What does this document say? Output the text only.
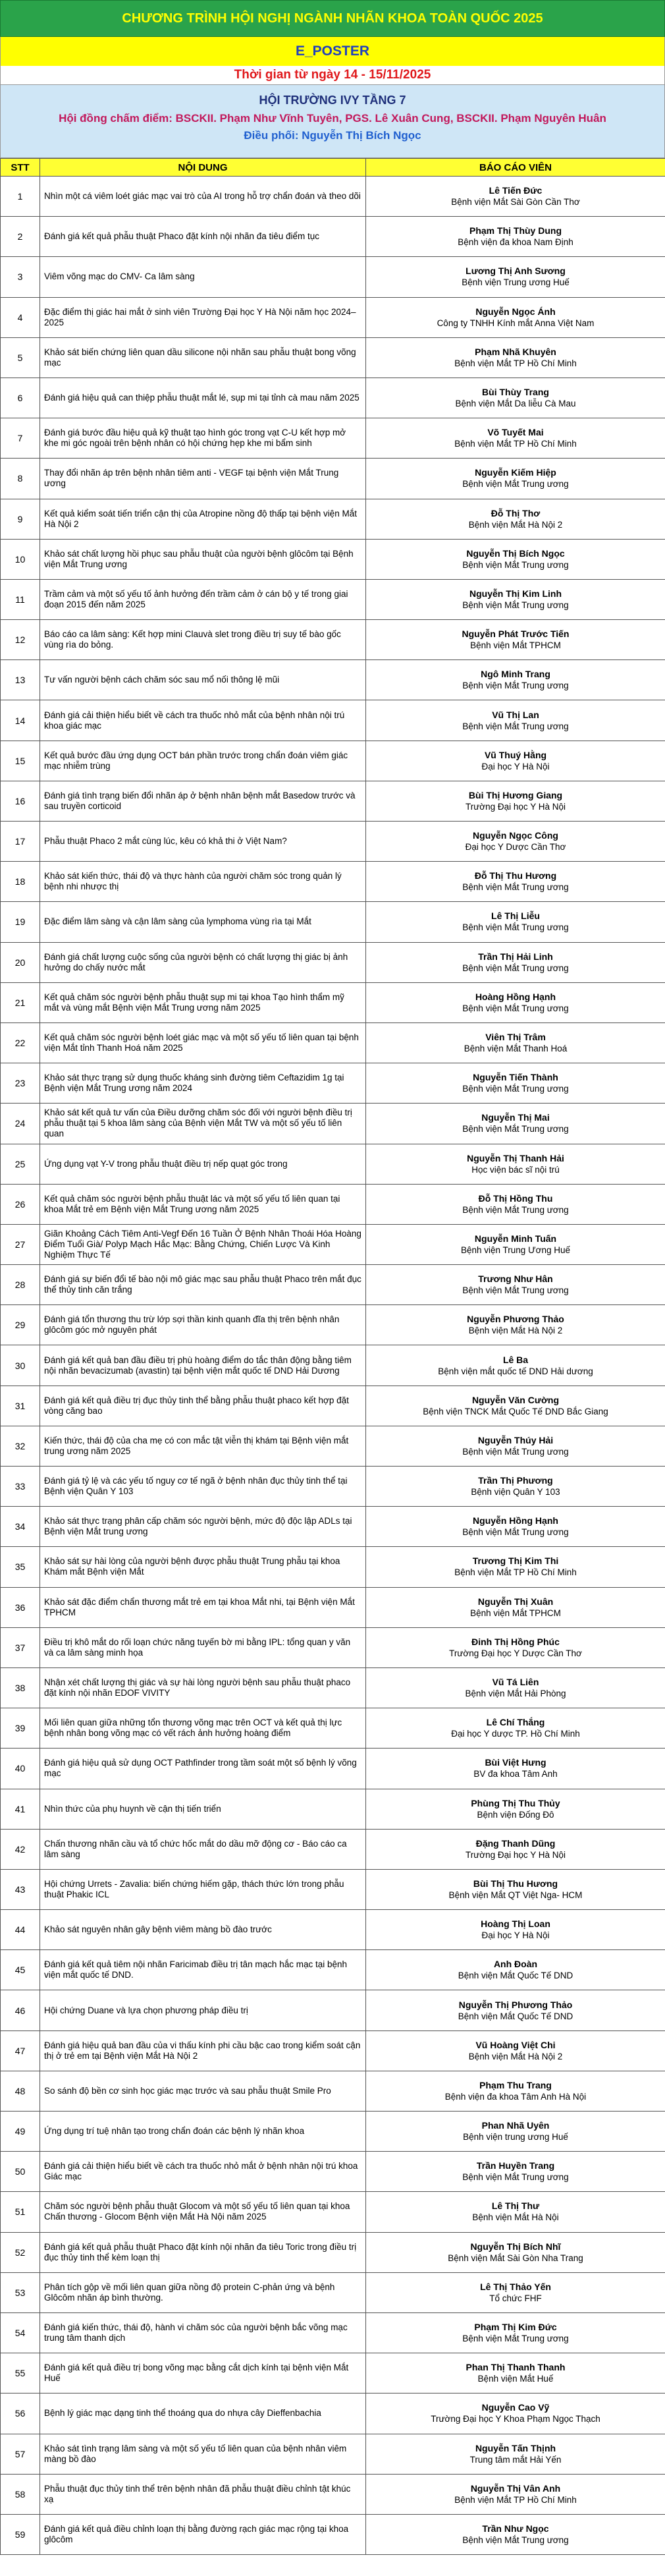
CHƯƠNG TRÌNH HỘI NGHỊ NGÀNH NHÃN KHOA TOÀN QUỐC 2025
E_POSTER
Thời gian từ ngày 14 - 15/11/2025
HỘI TRƯỜNG IVY TẦNG 7
Hội đồng chấm điểm: BSCKII. Phạm Như Vĩnh Tuyên, PGS. Lê Xuân Cung, BSCKII. Phạm Nguyên Huân
Điều phối: Nguyễn Thị Bích Ngọc
STT	NỘI DUNG	BÁO CÁO VIÊN
1	Nhìn một cá viêm loét giác mạc vai trò của AI trong hỗ trợ chẩn đoán và theo dõi	Lê Tiến Đức
Bệnh viện Mắt Sài Gòn Cần Thơ

2	Đánh giá kết quả phẫu thuật Phaco đặt kính nội nhãn đa tiêu điểm tục	Phạm Thị Thùy Dung
Bệnh viện đa khoa Nam Định

3	Viêm võng mạc do CMV- Ca lâm sàng	Lương Thị Anh Sương
Bệnh viện Trung ương Huế

4	Đặc điểm thị giác hai mắt ở sinh viên Trường Đại học Y Hà Nội năm học 2024–2025	Nguyễn Ngọc Ánh
Công ty TNHH Kính mắt Anna Việt Nam

5	Khảo sát biến chứng liên quan dầu silicone nội nhãn sau phẫu thuật bong võng mạc	Phạm Nhã Khuyên
Bệnh viện Mắt TP Hồ Chí Minh

6	Đánh giá hiệu quả can thiệp phẫu thuật mắt lé, sụp mi tại tỉnh cà mau năm 2025	Bùi Thùy Trang
Bệnh viện Mắt Da liễu Cà Mau

7	Đánh giá bước đầu hiệu quả kỹ thuật tạo hình góc trong vạt C-U kết hợp mở khe mi góc ngoài trên bệnh nhân có hội chứng hẹp khe mi bẩm sinh	Võ Tuyết Mai
Bệnh viện Mắt TP Hồ Chí Minh

8	Thay đổi nhãn áp trên bệnh nhân tiêm anti - VEGF tại bệnh viện Mắt Trung ương	Nguyễn Kiếm Hiệp
Bệnh viện Mắt Trung ương

9	Kết quả kiểm soát tiến triển cận thị của Atropine nồng độ thấp tại bệnh viện Mắt Hà Nội 2	Đỗ Thị Thơ
Bệnh viện Mắt Hà Nội 2

10	Khảo sát chất lượng hồi phục sau phẫu thuật của người bệnh glôcôm tại Bệnh viện Mắt Trung ương	Nguyễn Thị Bích Ngọc
Bệnh viện Mắt Trung ương

11	Trầm cảm và một số yếu tố ảnh hưởng đến trầm cảm ở cán bộ y tế trong giai đoạn 2015 đến năm 2025	Nguyễn Thị Kim Linh
Bệnh viện Mắt Trung ương

12	Báo cáo ca lâm sàng: Kết hợp mini Clauvà slet trong điều trị suy tế bào gốc vùng rìa do bỏng.	Nguyễn Phát Trước Tiến
Bệnh viện Mắt TPHCM

13	Tư vấn người bệnh cách chăm sóc sau mổ nối thông lệ mũi	Ngô Minh Trang
Bệnh viện Mắt Trung ương

14	Đánh giá cải thiện hiểu biết về cách tra thuốc nhỏ mắt của bệnh nhân nội trú khoa giác mạc	Vũ Thị Lan
Bệnh viện Mắt Trung ương

15	Kết quả bước đầu ứng dụng OCT bán phần trước trong chẩn đoán viêm giác mạc nhiễm trùng	Vũ Thuý Hằng
Đại học Y Hà Nội

16	Đánh giá tình trạng biến đổi nhãn áp ở bệnh nhân bệnh mắt Basedow trước và sau truyền corticoid	Bùi Thị Hương Giang
Trường Đại học Y Hà Nội

17	Phẫu thuật Phaco 2 mắt cùng lúc, kêu có khả thi ở Việt Nam?	Nguyễn Ngọc Công
Đại học Y Dược Cần Thơ

18	Khảo sát kiến thức, thái độ và thực hành của người chăm sóc trong quản lý bệnh nhi nhược thị	Đỗ Thị Thu Hương
Bệnh viện Mắt Trung ương

19	Đặc điểm lâm sàng và cận lâm sàng của lymphoma vùng rìa tại Mắt	Lê Thị Liễu
Bệnh viện Mắt Trung ương

20	Đánh giá chất lượng cuộc sống của người bệnh có chất lượng thị giác bị ảnh hưởng do chấy nước mắt	Trần Thị Hải Linh
Bệnh viện Mắt Trung ương

21	Kết quả chăm sóc người bệnh phẫu thuật sụp mi tại khoa Tạo hình thẩm mỹ mắt và vùng mắt Bệnh viện Mắt Trung ương năm 2025	Hoàng Hồng Hạnh
Bệnh viện Mắt Trung ương

22	Kết quả chăm sóc người bệnh loét giác mạc và một số yếu tố liên quan tại bệnh viện Mắt tỉnh Thanh Hoá năm 2025	Viên Thị Trâm
Bệnh viện Mắt Thanh Hoá

23	Khảo sát thực trạng sử dụng thuốc kháng sinh đường tiêm Ceftazidim 1g tại Bệnh viện Mắt Trung ương năm 2024	Nguyễn Tiến Thành
Bệnh viện Mắt Trung ương

24	Khảo sát kết quả tư vấn của Điều dưỡng chăm sóc đối với người bệnh điều trị phẫu thuật tại 5 khoa lâm sàng của Bệnh viện Mắt TW và một số yếu tố liên quan	Nguyễn Thị Mai
Bệnh viện Mắt Trung ương

25	Ứng dụng vạt Y-V trong phẫu thuật điều trị nếp quạt góc trong	Nguyễn Thị Thanh Hải
Học viện bác sĩ nội trú

26	Kết quả chăm sóc người bệnh phẫu thuật lác và một số yếu tố liên quan tại khoa Mắt trẻ em Bệnh viện Mắt Trung ương năm 2025	Đỗ Thị Hồng Thu
Bệnh viện Mắt Trung ương

27	Giãn Khoảng Cách Tiêm Anti-Vegf Đến 16 Tuần Ở Bệnh Nhân Thoái Hóa Hoàng Điểm Tuổi Già/ Polyp Mạch Hắc Mạc: Bằng Chứng, Chiến Lược Và Kinh Nghiệm Thực Tế	Nguyễn Minh Tuấn
Bệnh viện Trung Ương Huế

28	Đánh giá sự biến đổi tế bào nội mô giác mạc sau phẫu thuật Phaco trên mắt đục thể thủy tinh căn trắng	Trương Như Hân
Bệnh viện Mắt Trung ương

29	Đánh giá tổn thương thu trừ lớp sợi thần kinh quanh đĩa thị trên bệnh nhân glôcôm góc mở nguyên phát	Nguyễn Phương Thảo
Bệnh viện Mắt Hà Nội 2

30	Đánh giá kết quả ban đầu điều trị phù hoàng điểm do tắc thân động bằng tiêm nội nhãn bevacizumab (avastin) tại bệnh viện mắt quốc tế DND Hải Dương	Lê Ba
Bệnh viện mắt quốc tế DND Hải dương

31	Đánh giá kết quả điều trị đục thủy tinh thể bằng phẫu thuật phaco kết hợp đặt vòng căng bao	Nguyễn Văn Cường
Bệnh viện TNCK Mắt Quốc Tế DND Bắc Giang

32	Kiến thức, thái độ của cha mẹ có con mắc tật viễn thị khám tại Bệnh viện mắt trung ương năm 2025	Nguyễn Thúy Hải
Bệnh viện Mắt Trung ương

33	Đánh giá tỷ lệ và các yếu tố nguy cơ tế ngã ở bệnh nhân đục thủy tinh thể tại Bệnh viện Quân Y 103	Trần Thị Phương
Bệnh viện Quân Y 103

34	Khảo sát thực trạng phân cấp chăm sóc người bệnh, mức độ độc lập ADLs tại Bệnh viện Mắt trung ương	Nguyễn Hồng Hạnh
Bệnh viện Mắt Trung ương

35	Khảo sát sự hài lòng của người bệnh được phẫu thuật Trung phẫu tại khoa Khám mắt Bệnh viện Mắt	Trương Thị Kim Thi
Bệnh viện Mắt TP Hồ Chí Minh

36	Khảo sát đặc điểm chẩn thương mắt trẻ em tại khoa Mắt nhi, tại Bệnh viện Mắt TPHCM	Nguyễn Thị Xuân
Bệnh viện Mắt TPHCM

37	Điều trị khô mắt do rối loạn chức năng tuyến bờ mi bằng IPL: tổng quan y văn và ca lâm sàng minh họa	Đinh Thị Hồng Phúc
Trường Đại học Y Dược Cần Thơ

38	Nhận xét chất lượng thị giác và sự hài lòng người bệnh sau phẫu thuật phaco đặt kính nội nhãn EDOF VIVITY	Vũ Tá Liên
Bệnh viện Mắt Hải Phòng

39	Mối liên quan giữa những tổn thương võng mạc trên OCT và kết quả thị lực bệnh nhân bong võng mạc có vết rách ảnh hưởng hoàng điểm	Lê Chí Thắng
Đại học Y dược TP. Hồ Chí Minh

40	Đánh giá hiệu quả sử dụng OCT Pathfinder trong tầm soát một số bệnh lý võng mạc	Bùi Việt Hưng
BV đa khoa Tâm Anh

41	Nhìn thức của phụ huynh về cận thị tiến triển	Phùng Thị Thu Thủy
Bệnh viện Đống Đô

42	Chấn thương nhãn cầu và tổ chức hốc mắt do dầu mỡ động cơ - Báo cáo ca lâm sàng	Đặng Thanh Dũng
Trường Đại học Y Hà Nội

43	Hội chứng Urrets - Zavalia: biến chứng hiếm gặp, thách thức lớn trong phẫu thuật Phakic ICL	Bùi Thị Thu Hương
Bệnh viện Mắt QT Việt Nga- HCM

44	Khảo sát nguyên nhân gây bệnh viêm màng bồ đào trước	Hoàng Thị Loan
Đại học Y Hà Nội

45	Đánh giá kết quả tiêm nội nhãn Faricimab điều trị tân mạch hắc mạc tại bệnh viện mắt quốc tế DND.	Anh Đoàn
Bệnh viện Mắt Quốc Tế DND

46	Hội chứng Duane và lựa chọn phương pháp điều trị	Nguyễn Thị Phương Thảo
Bệnh viện Mắt Quốc Tế DND

47	Đánh giá hiệu quả ban đầu của vi thấu kính phi cầu bậc cao trong kiểm soát cận thị ở trẻ em tại Bệnh viện Mắt Hà Nội 2	Vũ Hoàng Việt Chi
Bệnh viện Mắt Hà Nội 2

48	So sánh độ bền cơ sinh học giác mạc trước và sau phẫu thuật Smile Pro	Phạm Thu Trang
Bệnh viện đa khoa Tâm Anh Hà Nội

49	Ứng dụng trí tuệ nhân tạo trong chẩn đoán các bệnh lý nhãn khoa	Phan Nhã Uyên
Bệnh viện trung ương Huế

50	Đánh giá cải thiện hiểu biết về cách tra thuốc nhỏ mắt ở bệnh nhân nội trú khoa Giác mạc	Trần Huyền Trang
Bệnh viện Mắt Trung ương

51	Chăm sóc người bệnh phẫu thuật Glocom và một số yếu tố liên quan tại khoa Chấn thương - Glocom Bệnh viện Mắt Hà Nội năm 2025	Lê Thị Thư
Bệnh viện Mắt Hà Nội

52	Đánh giá kết quả phẫu thuật Phaco đặt kính nội nhãn đa tiêu Toric trong điều trị đục thủy tinh thể kèm loạn thị	Nguyễn Thị Bích Nhĩ
Bệnh viện Mắt Sài Gòn Nha Trang

53	Phân tích gộp về mối liên quan giữa nồng độ protein C-phản ứng và bệnh Glôcôm nhãn áp bình thường.	Lê Thị Thảo Yến
Tổ chức FHF

54	Đánh giá kiến thức, thái độ, hành vi chăm sóc của người bệnh bắc võng mạc trung tâm thanh dịch	Phạm Thị Kim Đức
Bệnh viện Mắt Trung ương

55	Đánh giá kết quả điều trị bong võng mạc bằng cắt dịch kính tại bệnh viện Mắt Huế	Phan Thị Thanh Thanh
Bệnh viện Mắt Huế

56	Bệnh lý giác mạc dạng tinh thể thoáng qua do nhựa cây Dieffenbachia	Nguyễn Cao Vỹ
Trường Đại học Y Khoa Phạm Ngọc Thạch

57	Khảo sát tình trạng lâm sàng và một số yếu tố liên quan của bệnh nhân viêm màng bồ đào	Nguyễn Tấn Thịnh
Trung tâm mắt Hải Yến

58	Phẫu thuật đục thủy tinh thể trên bệnh nhân đã phẫu thuật điều chỉnh tật khúc xạ	Nguyễn Thị Vân Anh
Bệnh viện Mắt TP Hồ Chí Minh

59	Đánh giá kết quả điều chỉnh loạn thị bằng đường rạch giác mạc rộng tại khoa glôcôm	Trần Như Ngọc
Bệnh viện Mắt Trung ương
